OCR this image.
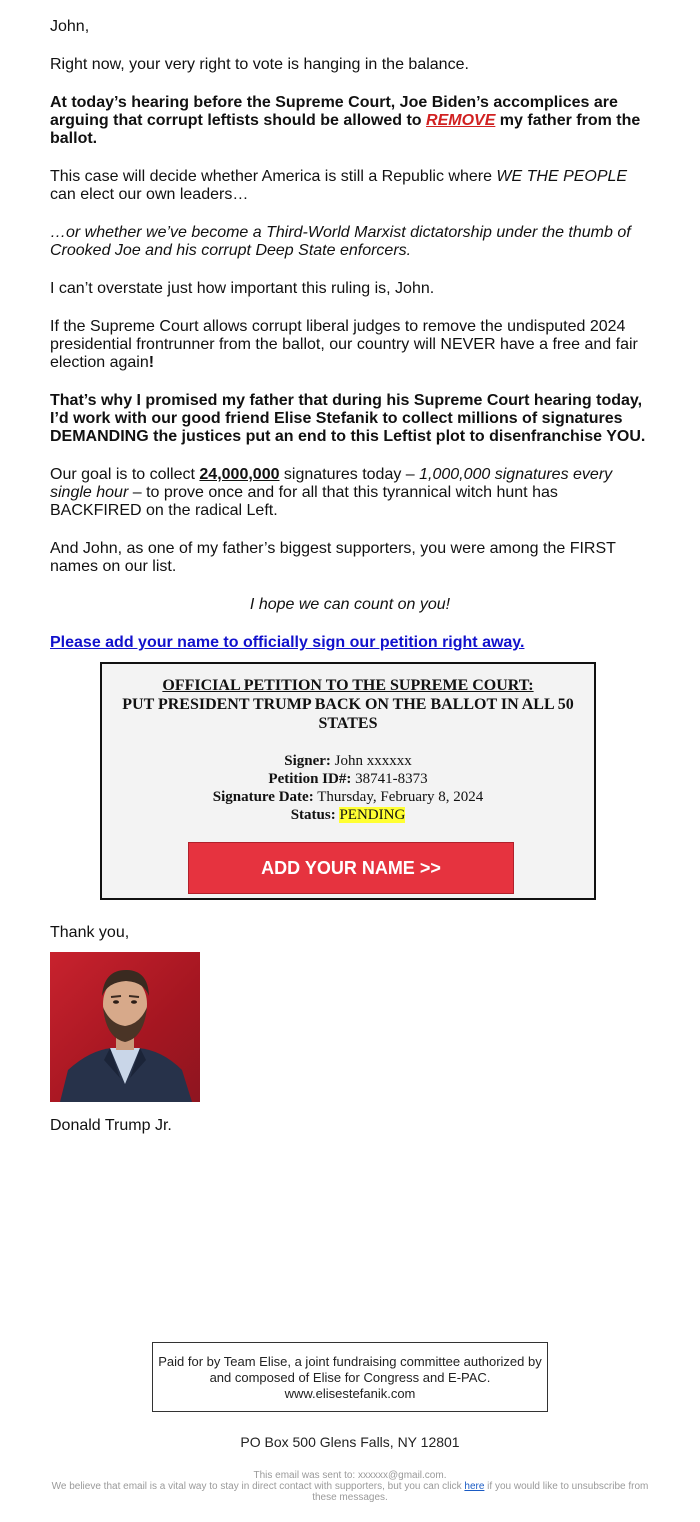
John,

Right now, your very right to vote is hanging in the balance.

At today’s hearing before the Supreme Court, Joe Biden’s accomplices are arguing that corrupt leftists should be allowed to REMOVE my father from the ballot.

This case will decide whether America is still a Republic where WE THE PEOPLE can elect our own leaders…

…or whether we’ve become a Third-World Marxist dictatorship under the thumb of Crooked Joe and his corrupt Deep State enforcers.

I can’t overstate just how important this ruling is, John.

If the Supreme Court allows corrupt liberal judges to remove the undisputed 2024 presidential frontrunner from the ballot, our country will NEVER have a free and fair election again!

That’s why I promised my father that during his Supreme Court hearing today, I’d work with our good friend Elise Stefanik to collect millions of signatures DEMANDING the justices put an end to this Leftist plot to disenfranchise YOU.

Our goal is to collect 24,000,000 signatures today – 1,000,000 signatures every single hour – to prove once and for all that this tyrannical witch hunt has BACKFIRED on the radical Left.

And John, as one of my father’s biggest supporters, you were among the FIRST names on our list.

I hope we can count on you!

Please add your name to officially sign our petition right away.

OFFICIAL PETITION TO THE SUPREME COURT:
PUT PRESIDENT TRUMP BACK ON THE BALLOT IN ALL 50 STATES
Signer: John xxxxxx
Petition ID#: 38741-8373
Signature Date: Thursday, February 8, 2024
Status: PENDING
ADD YOUR NAME >>

Thank you,

Donald Trump Jr.

Paid for by Team Elise, a joint fundraising committee authorized by and composed of Elise for Congress and E-PAC. www.elisestefanik.com
PO Box 500 Glens Falls, NY 12801
This email was sent to: xxxxxx@gmail.com.
We believe that email is a vital way to stay in direct contact with supporters, but you can click here if you would like to unsubscribe from these messages.
